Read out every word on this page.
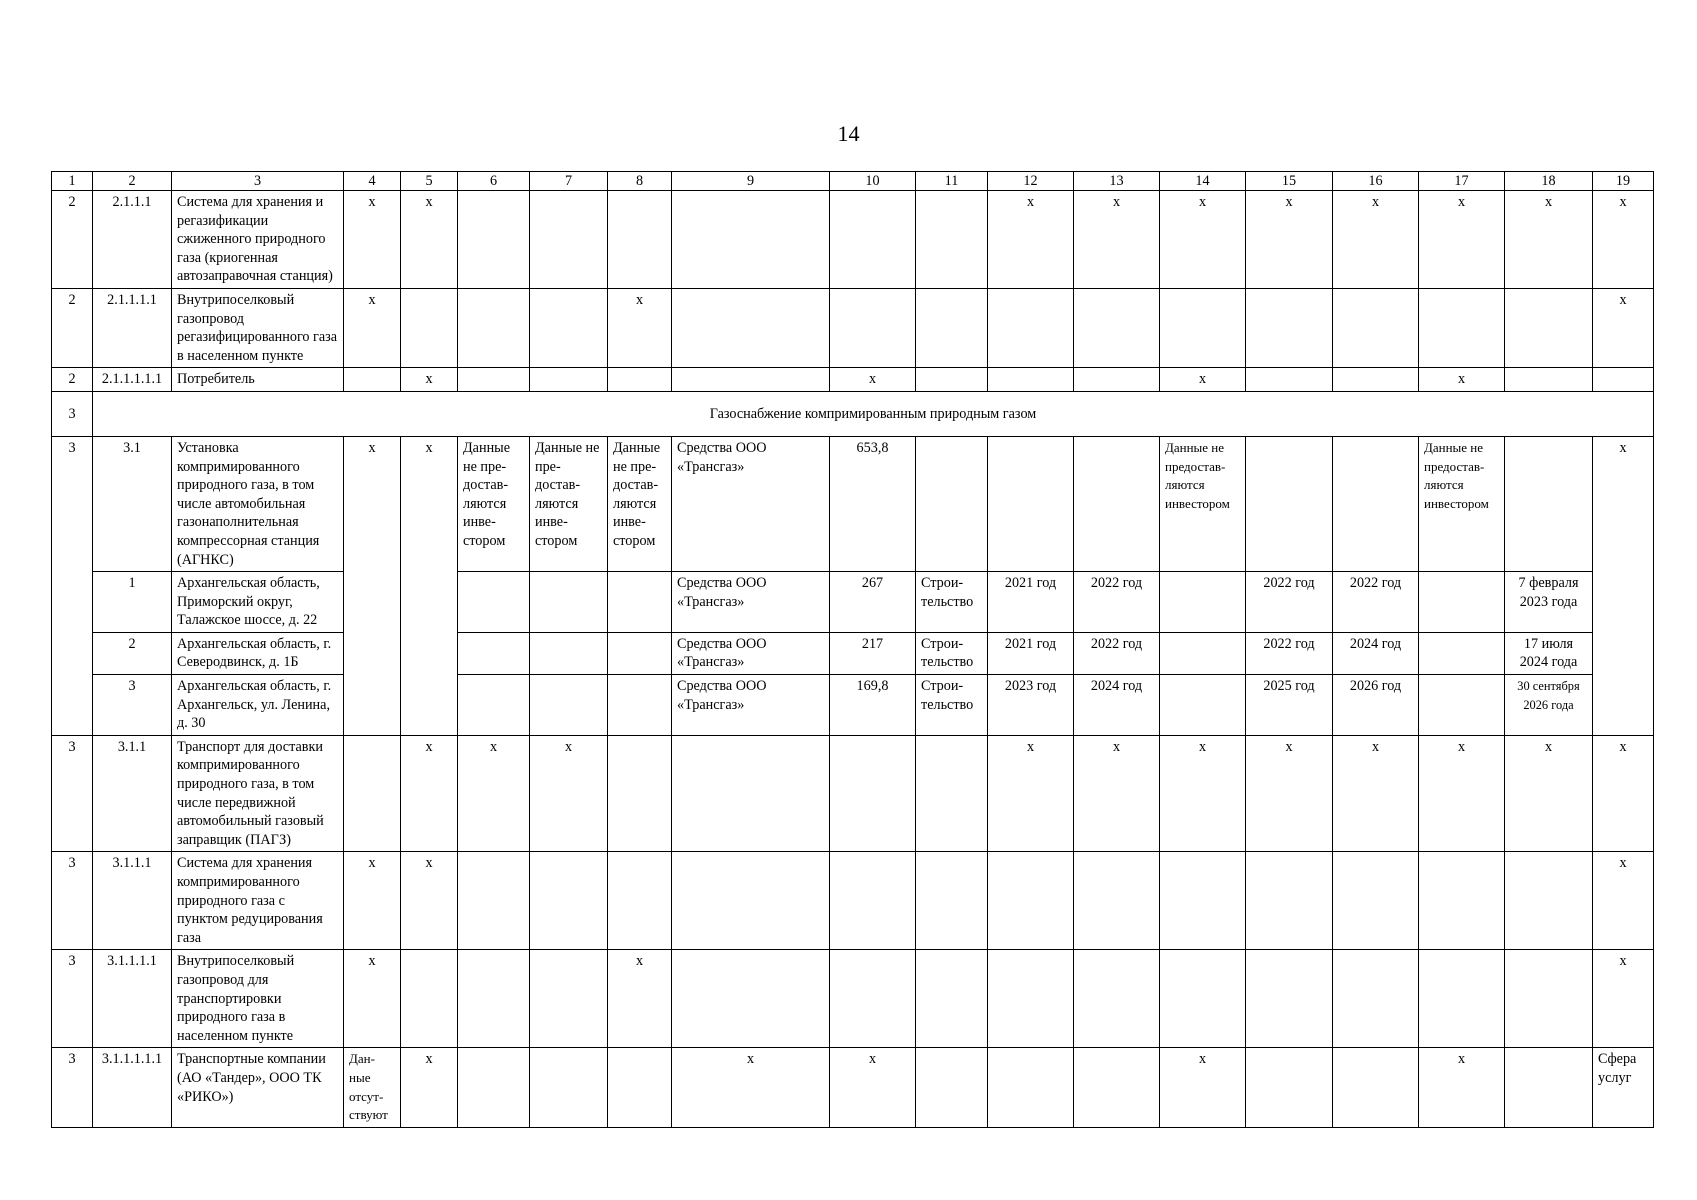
14
1	2	3	4	5	6	7	8	9	10	11	12	13	14	15	16	17	18	19
2	2.1.1.1	Система для хранения и регазификации сжиженного природного газа (криогенная автозаправочная станция)	х	х							х	х	х	х	х	х	х	х
2	2.1.1.1.1	Внутрипоселковый газопровод регазифицированного газа в населенном пункте	х				х											х
2	2.1.1.1.1.1	Потребитель		х					х				х			х		
3	Газоснабжение компримированным природным газом																	
3	3.1	Установка компримированного природного газа, в том числе автомобильная газонаполнительная компрессорная станция (АГНКС)	х	х	Данные не пре-достав-ляются инве-стором	Данные не пре-достав-ляются инве-стором	Данные не пре-достав-ляются инве-стором	Средства ООО «Трансгаз»	653,8				Данные не предостав-ляются инвестором			Данные не предостав-ляются инвестором		х
	1	Архангельская область, Приморский округ, Талажское шоссе, д. 22						Средства ООО «Трансгаз»	267	Строи-тельство	2021 год	2022 год		2022 год	2022 год		7 февраля 2023 года	
	2	Архангельская область, г. Северодвинск, д. 1Б						Средства ООО «Трансгаз»	217	Строи-тельство	2021 год	2022 год		2022 год	2024 год		17 июля 2024 года	
	3	Архангельская область, г. Архангельск, ул. Ленина, д. 30						Средства ООО «Трансгаз»	169,8	Строи-тельство	2023 год	2024 год		2025 год	2026 год		30 сентября 2026 года	
3	3.1.1	Транспорт для доставки компримированного природного газа, в том числе передвижной автомобильный газовый заправщик (ПАГЗ)		х	х	х					х	х	х	х	х	х	х	х
3	3.1.1.1	Система для хранения компримированного природного газа с пунктом редуцирования газа	х	х														х
3	3.1.1.1.1	Внутрипоселковый газопровод для транспортировки природного газа в населенном пункте	х				х											х
3	3.1.1.1.1.1	Транспортные компании (АО «Тандер», ООО ТК «РИКО»)	Дан-ные отсут-ствуют	х				х	х				х			х		Сфера услуг
